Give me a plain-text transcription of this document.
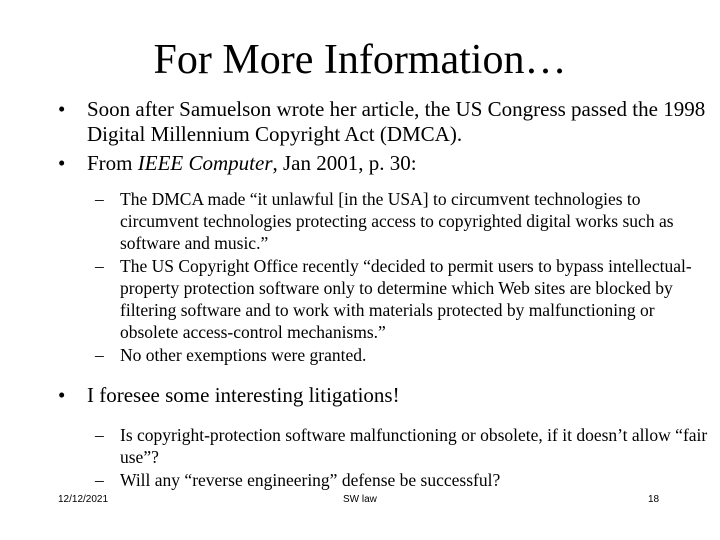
For More Information…
• Soon after Samuelson wrote her article, the US Congress passed the 1998 Digital Millennium Copyright Act (DMCA).
• From IEEE Computer, Jan 2001, p. 30:
– The DMCA made “it unlawful [in the USA] to circumvent technologies to circumvent technologies protecting access to copyrighted digital works such as software and music.”
– The US Copyright Office recently “decided to permit users to bypass intellectual-property protection software only to determine which Web sites are blocked by filtering software and to work with materials protected by malfunctioning or obsolete access-control mechanisms.”
– No other exemptions were granted.
• I foresee some interesting litigations!
– Is copyright-protection software malfunctioning or obsolete, if it doesn’t allow “fair use”?
– Will any “reverse engineering” defense be successful?
12/12/2021	SW law	18
